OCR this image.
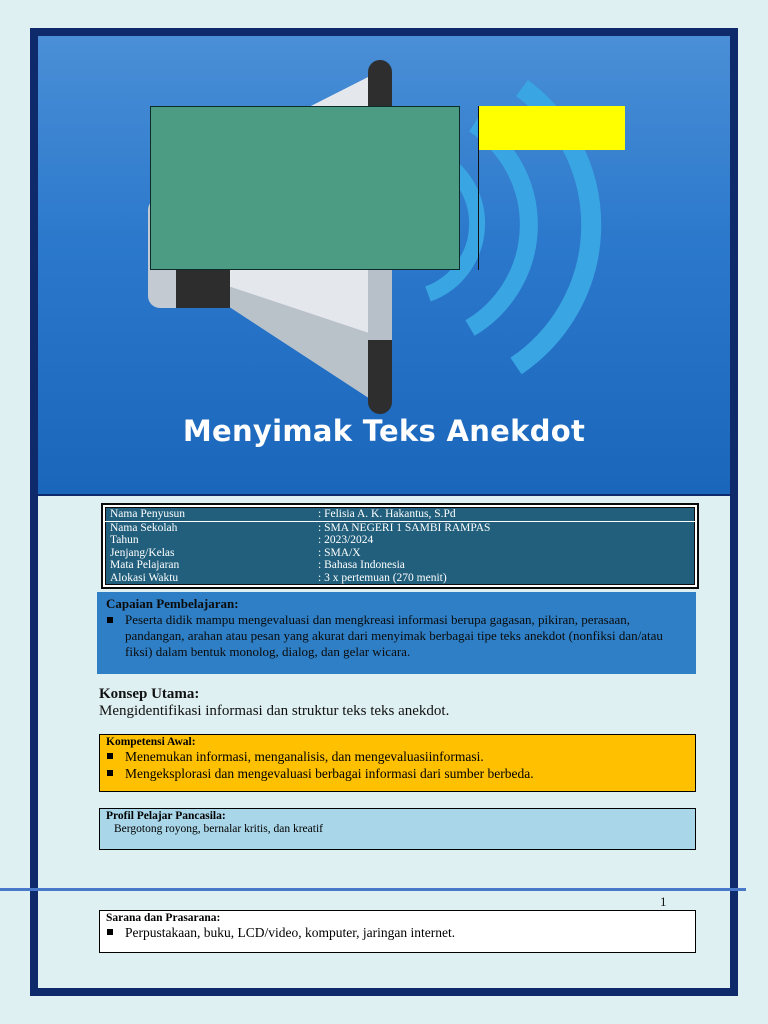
Menyimak Teks Anekdot
Nama Penyusun	: Felisia A. K. Hakantus, S.Pd
Nama Sekolah	: SMA NEGERI 1 SAMBI RAMPAS
Tahun	: 2023/2024
Jenjang/Kelas	: SMA/X
Mata Pelajaran	: Bahasa Indonesia
Alokasi Waktu	: 3 x pertemuan (270 menit)
Capaian Pembelajaran:
Peserta didik mampu mengevaluasi dan mengkreasi informasi berupa gagasan, pikiran, perasaan, pandangan, arahan atau pesan yang akurat dari menyimak berbagai tipe teks anekdot (nonfiksi dan/atau fiksi) dalam bentuk monolog, dialog, dan gelar wicara.
Konsep Utama:
Mengidentifikasi informasi dan struktur teks teks anekdot.
Kompetensi Awal:
Menemukan informasi, menganalisis, dan mengevaluasiinformasi.
Mengeksplorasi dan mengevaluasi berbagai informasi dari sumber berbeda.
Profil Pelajar Pancasila:
Bergotong royong, bernalar kritis, dan kreatif
1
Sarana dan Prasarana:
Perpustakaan, buku, LCD/video, komputer, jaringan internet.
